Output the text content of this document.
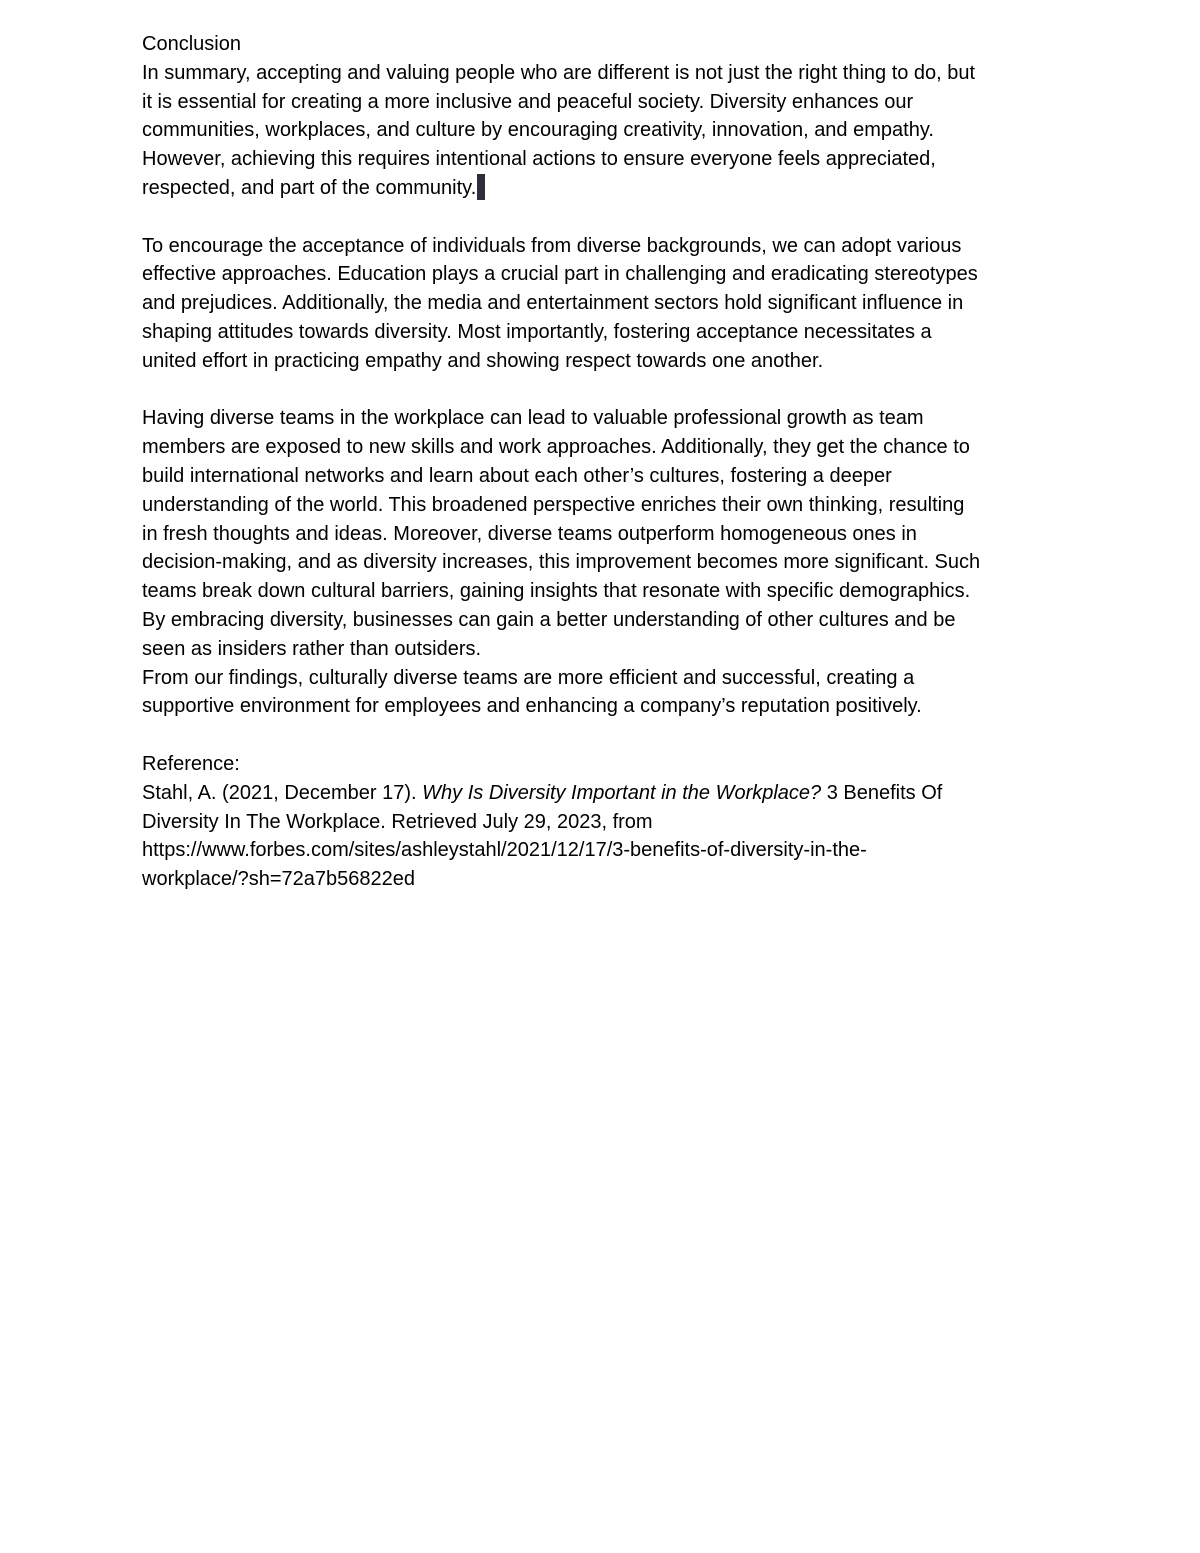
Conclusion
In summary, accepting and valuing people who are different is not just the right thing to do, but
it is essential for creating a more inclusive and peaceful society. Diversity enhances our
communities, workplaces, and culture by encouraging creativity, innovation, and empathy.
However, achieving this requires intentional actions to ensure everyone feels appreciated,
respected, and part of the community.
To encourage the acceptance of individuals from diverse backgrounds, we can adopt various
effective approaches. Education plays a crucial part in challenging and eradicating stereotypes
and prejudices. Additionally, the media and entertainment sectors hold significant influence in
shaping attitudes towards diversity. Most importantly, fostering acceptance necessitates a
united effort in practicing empathy and showing respect towards one another.
Having diverse teams in the workplace can lead to valuable professional growth as team
members are exposed to new skills and work approaches. Additionally, they get the chance to
build international networks and learn about each other’s cultures, fostering a deeper
understanding of the world. This broadened perspective enriches their own thinking, resulting
in fresh thoughts and ideas. Moreover, diverse teams outperform homogeneous ones in
decision-making, and as diversity increases, this improvement becomes more significant. Such
teams break down cultural barriers, gaining insights that resonate with specific demographics.
By embracing diversity, businesses can gain a better understanding of other cultures and be
seen as insiders rather than outsiders.
From our findings, culturally diverse teams are more efficient and successful, creating a
supportive environment for employees and enhancing a company’s reputation positively.
Reference:
Stahl, A. (2021, December 17). Why Is Diversity Important in the Workplace? 3 Benefits Of
Diversity In The Workplace. Retrieved July 29, 2023, from
https://www.forbes.com/sites/ashleystahl/2021/12/17/3-benefits-of-diversity-in-the-
workplace/?sh=72a7b56822ed
